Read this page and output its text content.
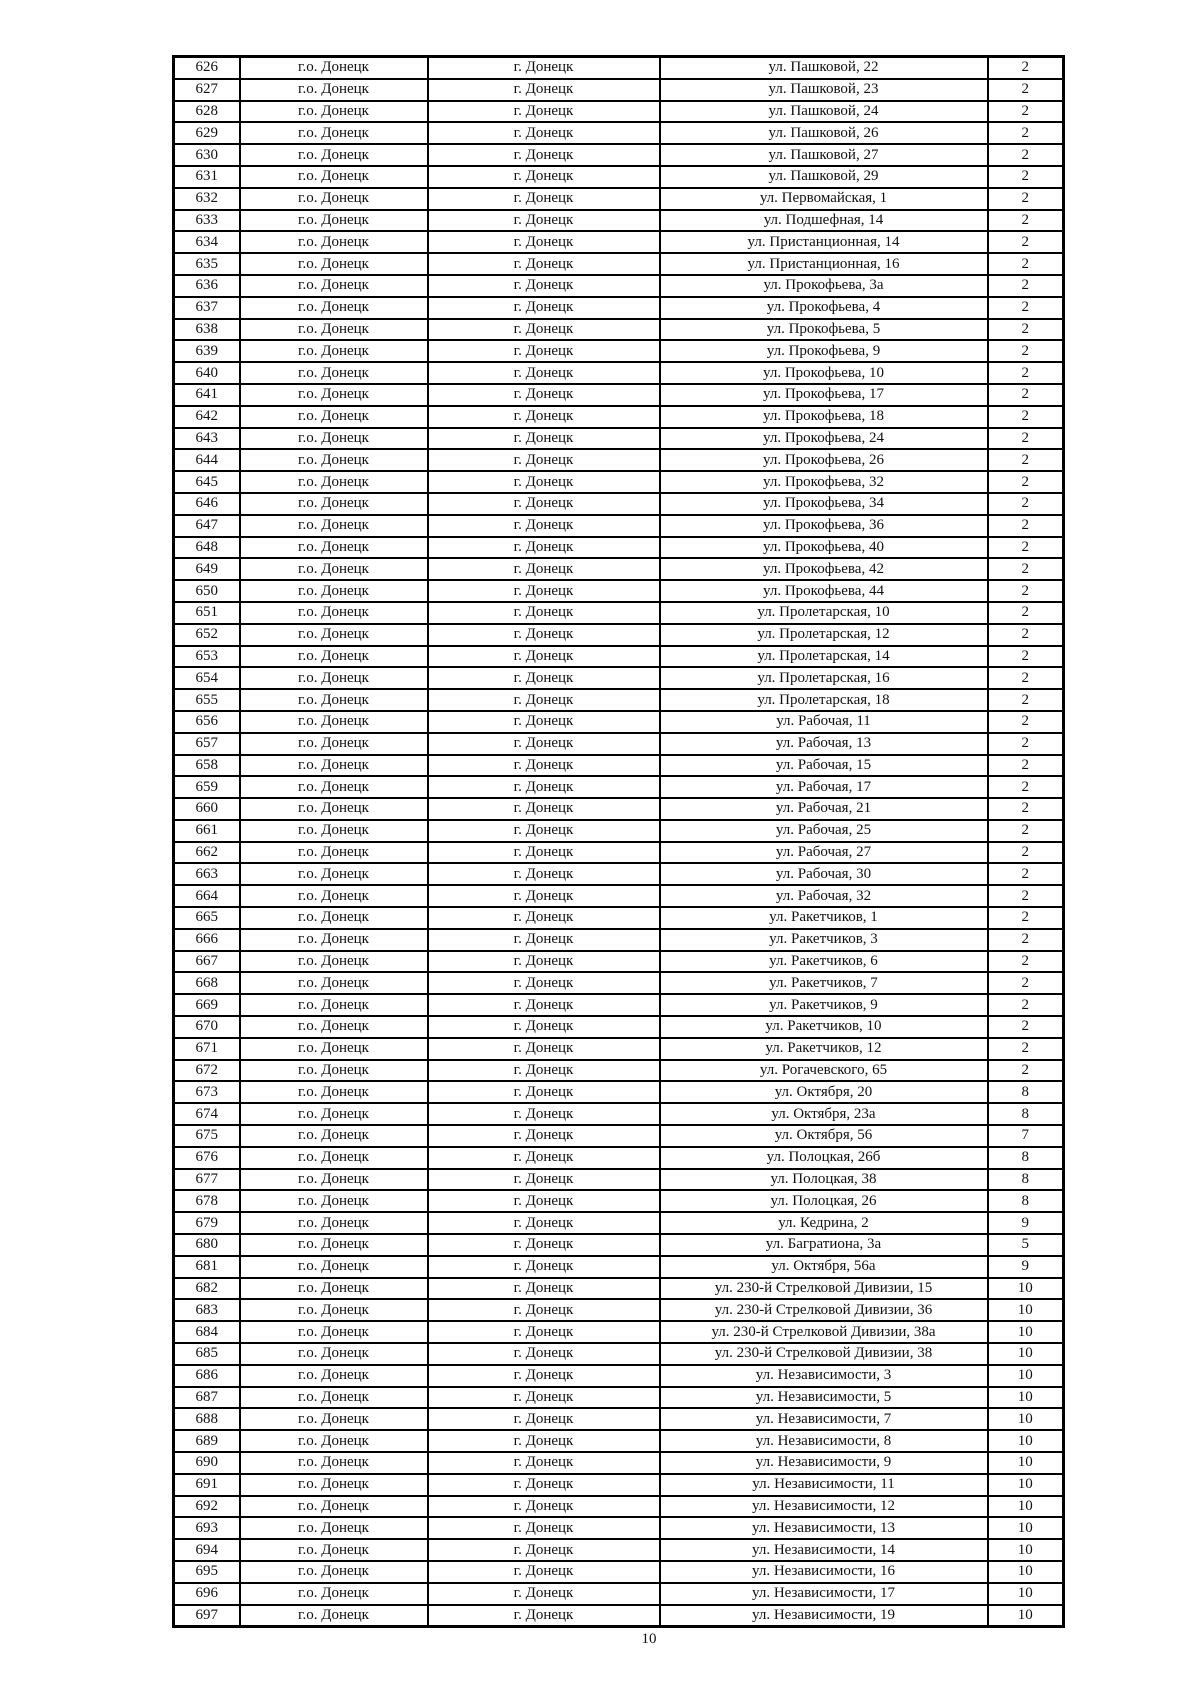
626	г.о. Донецк	г. Донецк	ул. Пашковой, 22	2
627	г.о. Донецк	г. Донецк	ул. Пашковой, 23	2
628	г.о. Донецк	г. Донецк	ул. Пашковой, 24	2
629	г.о. Донецк	г. Донецк	ул. Пашковой, 26	2
630	г.о. Донецк	г. Донецк	ул. Пашковой, 27	2
631	г.о. Донецк	г. Донецк	ул. Пашковой, 29	2
632	г.о. Донецк	г. Донецк	ул. Первомайская, 1	2
633	г.о. Донецк	г. Донецк	ул. Подшефная, 14	2
634	г.о. Донецк	г. Донецк	ул. Пристанционная, 14	2
635	г.о. Донецк	г. Донецк	ул. Пристанционная, 16	2
636	г.о. Донецк	г. Донецк	ул. Прокофьева, 3а	2
637	г.о. Донецк	г. Донецк	ул. Прокофьева, 4	2
638	г.о. Донецк	г. Донецк	ул. Прокофьева, 5	2
639	г.о. Донецк	г. Донецк	ул. Прокофьева, 9	2
640	г.о. Донецк	г. Донецк	ул. Прокофьева, 10	2
641	г.о. Донецк	г. Донецк	ул. Прокофьева, 17	2
642	г.о. Донецк	г. Донецк	ул. Прокофьева, 18	2
643	г.о. Донецк	г. Донецк	ул. Прокофьева, 24	2
644	г.о. Донецк	г. Донецк	ул. Прокофьева, 26	2
645	г.о. Донецк	г. Донецк	ул. Прокофьева, 32	2
646	г.о. Донецк	г. Донецк	ул. Прокофьева, 34	2
647	г.о. Донецк	г. Донецк	ул. Прокофьева, 36	2
648	г.о. Донецк	г. Донецк	ул. Прокофьева, 40	2
649	г.о. Донецк	г. Донецк	ул. Прокофьева, 42	2
650	г.о. Донецк	г. Донецк	ул. Прокофьева, 44	2
651	г.о. Донецк	г. Донецк	ул. Пролетарская, 10	2
652	г.о. Донецк	г. Донецк	ул. Пролетарская, 12	2
653	г.о. Донецк	г. Донецк	ул. Пролетарская, 14	2
654	г.о. Донецк	г. Донецк	ул. Пролетарская, 16	2
655	г.о. Донецк	г. Донецк	ул. Пролетарская, 18	2
656	г.о. Донецк	г. Донецк	ул. Рабочая, 11	2
657	г.о. Донецк	г. Донецк	ул. Рабочая, 13	2
658	г.о. Донецк	г. Донецк	ул. Рабочая, 15	2
659	г.о. Донецк	г. Донецк	ул. Рабочая, 17	2
660	г.о. Донецк	г. Донецк	ул. Рабочая, 21	2
661	г.о. Донецк	г. Донецк	ул. Рабочая, 25	2
662	г.о. Донецк	г. Донецк	ул. Рабочая, 27	2
663	г.о. Донецк	г. Донецк	ул. Рабочая, 30	2
664	г.о. Донецк	г. Донецк	ул. Рабочая, 32	2
665	г.о. Донецк	г. Донецк	ул. Ракетчиков, 1	2
666	г.о. Донецк	г. Донецк	ул. Ракетчиков, 3	2
667	г.о. Донецк	г. Донецк	ул. Ракетчиков, 6	2
668	г.о. Донецк	г. Донецк	ул. Ракетчиков, 7	2
669	г.о. Донецк	г. Донецк	ул. Ракетчиков, 9	2
670	г.о. Донецк	г. Донецк	ул. Ракетчиков, 10	2
671	г.о. Донецк	г. Донецк	ул. Ракетчиков, 12	2
672	г.о. Донецк	г. Донецк	ул. Рогачевского, 65	2
673	г.о. Донецк	г. Донецк	ул. Октября, 20	8
674	г.о. Донецк	г. Донецк	ул. Октября, 23а	8
675	г.о. Донецк	г. Донецк	ул. Октября, 56	7
676	г.о. Донецк	г. Донецк	ул. Полоцкая, 26б	8
677	г.о. Донецк	г. Донецк	ул. Полоцкая, 38	8
678	г.о. Донецк	г. Донецк	ул. Полоцкая, 26	8
679	г.о. Донецк	г. Донецк	ул. Кедрина, 2	9
680	г.о. Донецк	г. Донецк	ул. Багратиона, 3а	5
681	г.о. Донецк	г. Донецк	ул. Октября, 56а	9
682	г.о. Донецк	г. Донецк	ул. 230-й Стрелковой Дивизии, 15	10
683	г.о. Донецк	г. Донецк	ул. 230-й Стрелковой Дивизии, 36	10
684	г.о. Донецк	г. Донецк	ул. 230-й Стрелковой Дивизии, 38а	10
685	г.о. Донецк	г. Донецк	ул. 230-й Стрелковой Дивизии, 38	10
686	г.о. Донецк	г. Донецк	ул. Независимости, 3	10
687	г.о. Донецк	г. Донецк	ул. Независимости, 5	10
688	г.о. Донецк	г. Донецк	ул. Независимости, 7	10
689	г.о. Донецк	г. Донецк	ул. Независимости, 8	10
690	г.о. Донецк	г. Донецк	ул. Независимости, 9	10
691	г.о. Донецк	г. Донецк	ул. Независимости, 11	10
692	г.о. Донецк	г. Донецк	ул. Независимости, 12	10
693	г.о. Донецк	г. Донецк	ул. Независимости, 13	10
694	г.о. Донецк	г. Донецк	ул. Независимости, 14	10
695	г.о. Донецк	г. Донецк	ул. Независимости, 16	10
696	г.о. Донецк	г. Донецк	ул. Независимости, 17	10
697	г.о. Донецк	г. Донецк	ул. Независимости, 19	10
10
